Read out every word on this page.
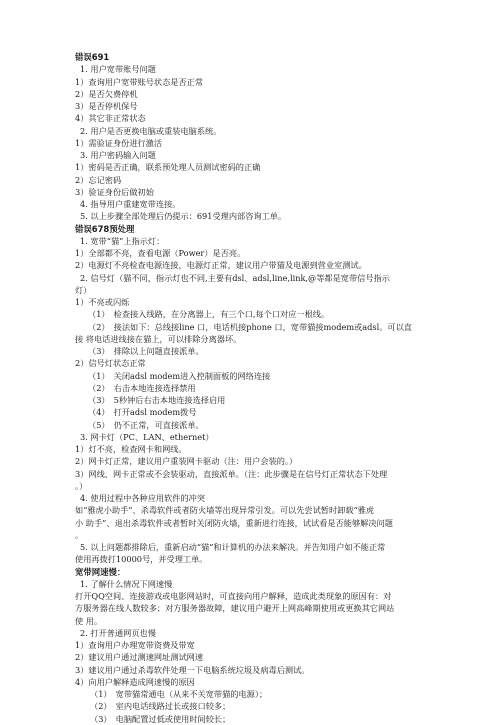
错误691
1. 用户宽带账号问题
1）查询用户宽带账号状态是否正常
2）是否欠费停机
3）是否停机保号
4）其它非正常状态
2. 用户是否更换电脑或重装电脑系统。
1）需验证身份进行激活
3. 用户密码输入问题
1）密码是否正确，联系预处理人员测试密码的正确
2）忘记密码
3）验证身份后做初始
4. 指导用户重建宽带连接。
5. 以上步骤全部处理后仍提示：691受理内部咨询工单。
错误678预处理
1. 宽带“猫”上指示灯：
1）全部都不亮，查看电源（Power）是否亮。
2）电源灯不亮检查电源连接，电源灯正常，建议用户带猫及电源到营业室测试。
2. 信号灯（猫不同，指示灯也不同,主要有dsl、adsl,line,link,@等都是宽带信号指示
灯）
1）不亮或闪烁
（1）　检查接入线路，在分离器上，有三个口,每个口对应一根线。
（2）　接法如下：总线接line 口，电话机接phone 口，宽带猫接modem或adsl。可以直
接 将电话进线接在猫上，可以排除分离器坏。
（3）　排除以上问题直接派单。
2）信号灯状态正常
（1）　关闭adsl modem进入控制面板的网络连接
（2）　右击本地连接选择禁用
（3）　5秒钟后右击本地连接选择启用
（4）　打开adsl modem拨号
（5）　仍不正常，可直接派单。
3. 网卡灯（PC、LAN、ethernet）
1）灯不亮，检查网卡和网线。
2）网卡灯正常，建议用户重装网卡驱动（注：用户会装的。）
3）网线、网卡正常或不会装驱动，直接派单。（注：此步骤是在信号灯正常状态下处理
。）
4. 使用过程中各种应用软件的冲突
如“雅虎小助手”、杀毒软件或者防火墙等出现异常引发。可以先尝试暂时卸载“雅虎
小 助手”、退出杀毒软件或者暂时关闭防火墙，重新进行连接，试试看是否能够解决问题
。
5. 以上问题都排除后，重新启动“猫”和计算机的办法来解决。并告知用户如不能正常
使用再拨打10000号，并受理工单。
宽带网速慢：
1. 了解什么情况下网速慢
打开QQ空间、连接游戏或电影网站时，可直接向用户解释，造成此类现象的原因有：对
方服务器在线人数较多；对方服务器故障，建议用户避开上网高峰期使用或更换其它网站
使 用。
2. 打开普通网页也慢
1）查询用户办理宽带资费及带宽
2）建议用户通过测速网址测试网速
3）建议用户通过杀毒软件处理一下电脑系统垃圾及病毒后测试。
4）向用户解释造成网速慢的原因
（1）　宽带猫常通电（从来不关宽带猫的电源）；
（2）　室内电话线路过长或接口较多；
（3）　电脑配置过低或使用时间较长；
